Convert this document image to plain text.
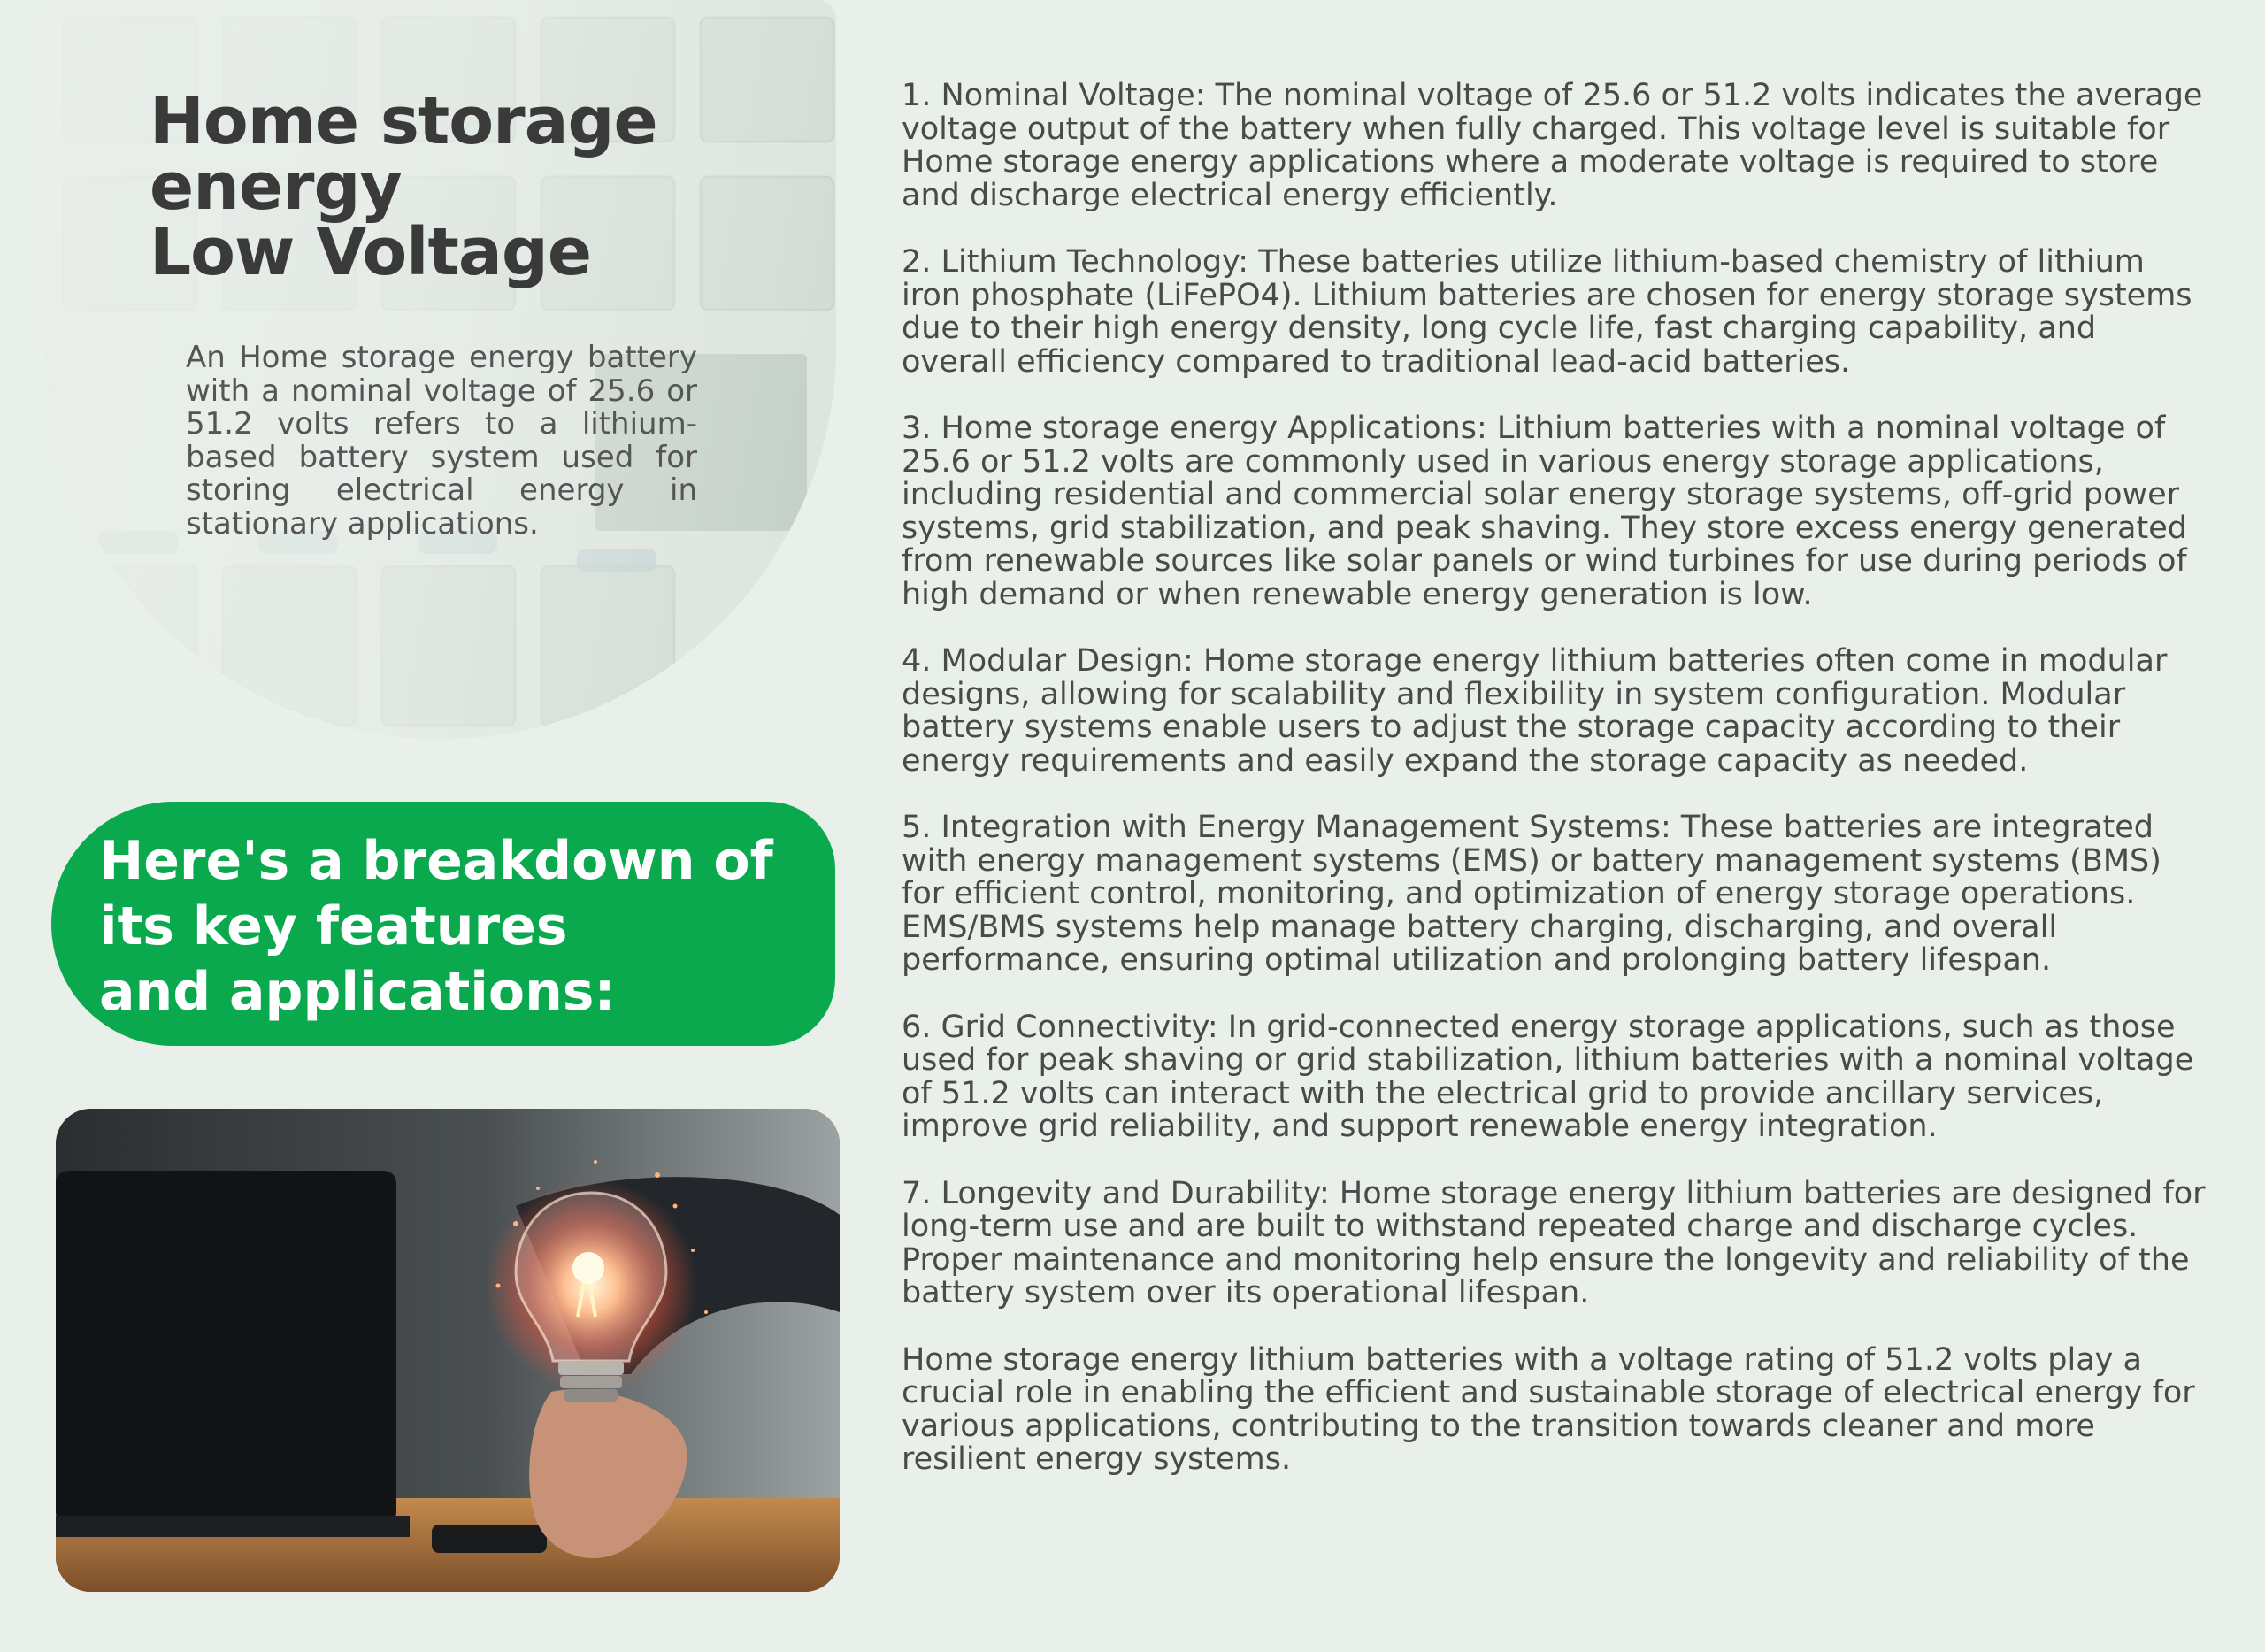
Home storage
energy
Low Voltage

An Home storage energy battery with a nominal voltage of 25.6 or 51.2 volts refers to a lithium-based battery system used for storing electrical energy in stationary applications.

Here's a breakdown of
its key features
and applications:

1. Nominal Voltage: The nominal voltage of 25.6 or 51.2 volts indicates the average voltage output of the battery when fully charged. This voltage level is suitable for Home storage energy applications where a moderate voltage is required to store and discharge electrical energy efficiently.

2. Lithium Technology: These batteries utilize lithium-based chemistry of lithium iron phosphate (LiFePO4). Lithium batteries are chosen for energy storage systems due to their high energy density, long cycle life, fast charging capability, and overall efficiency compared to traditional lead-acid batteries.

3. Home storage energy Applications: Lithium batteries with a nominal voltage of 25.6 or 51.2 volts are commonly used in various energy storage applications, including residential and commercial solar energy storage systems, off-grid power systems, grid stabilization, and peak shaving. They store excess energy generated from renewable sources like solar panels or wind turbines for use during periods of high demand or when renewable energy generation is low.

4. Modular Design: Home storage energy lithium batteries often come in modular designs, allowing for scalability and flexibility in system configuration. Modular battery systems enable users to adjust the storage capacity according to their energy requirements and easily expand the storage capacity as needed.

5. Integration with Energy Management Systems: These batteries are integrated with energy management systems (EMS) or battery management systems (BMS) for efficient control, monitoring, and optimization of energy storage operations. EMS/BMS systems help manage battery charging, discharging, and overall performance, ensuring optimal utilization and prolonging battery lifespan.

6. Grid Connectivity: In grid-connected energy storage applications, such as those used for peak shaving or grid stabilization, lithium batteries with a nominal voltage of 51.2 volts can interact with the electrical grid to provide ancillary services, improve grid reliability, and support renewable energy integration.

7. Longevity and Durability: Home storage energy lithium batteries are designed for long-term use and are built to withstand repeated charge and discharge cycles. Proper maintenance and monitoring help ensure the longevity and reliability of the battery system over its operational lifespan.

Home storage energy lithium batteries with a voltage rating of 51.2 volts play a crucial role in enabling the efficient and sustainable storage of electrical energy for various applications, contributing to the transition towards cleaner and more resilient energy systems.
